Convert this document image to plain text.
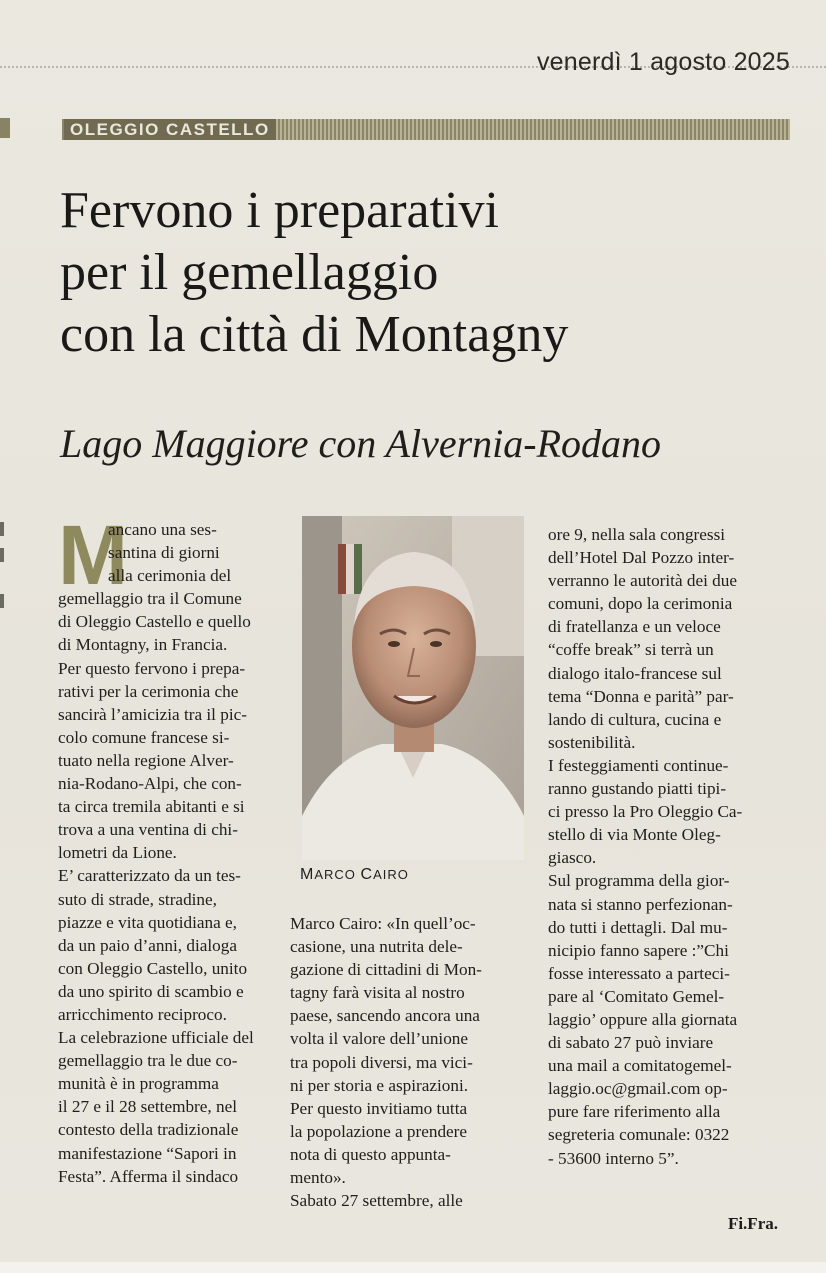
venerdì 1 agosto 2025
OLEGGIO CASTELLO
Fervono i preparativi
per il gemellaggio
con la città di Montagny
Lago Maggiore con Alvernia-Rodano
M
ancano una ses-
santina di giorni
alla cerimonia del
gemellaggio tra il Comune
di Oleggio Castello e quello
di Montagny, in Francia.
Per questo fervono i prepa-
rativi per la cerimonia che
sancirà l’amicizia tra il pic-
colo comune francese si-
tuato nella regione Alver-
nia-Rodano-Alpi, che con-
ta circa tremila abitanti e si
trova a una ventina di chi-
lometri da Lione.
E’ caratterizzato da un tes-
suto di strade, stradine,
piazze e vita quotidiana e,
da un paio d’anni, dialoga
con Oleggio Castello, unito
da uno spirito di scambio e
arricchimento reciproco.
La celebrazione ufficiale del
gemellaggio tra le due co-
munità è in programma
il 27 e il 28 settembre, nel
contesto della tradizionale
manifestazione “Sapori in
Festa”. Afferma il sindaco
MARCO CAIRO
Marco Cairo: «In quell’oc-
casione, una nutrita dele-
gazione di cittadini di Mon-
tagny farà visita al nostro
paese, sancendo ancora una
volta il valore dell’unione
tra popoli diversi, ma vici-
ni per storia e aspirazioni.
Per questo invitiamo tutta
la popolazione a prendere
nota di questo appunta-
mento».
Sabato 27 settembre, alle
ore 9, nella sala congressi
dell’Hotel Dal Pozzo inter-
verranno le autorità dei due
comuni, dopo la cerimonia
di fratellanza e un veloce
“coffe break” si terrà un
dialogo italo-francese sul
tema “Donna e parità” par-
lando di cultura, cucina e
sostenibilità.
I festeggiamenti continue-
ranno gustando piatti tipi-
ci presso la Pro Oleggio Ca-
stello di via Monte Oleg-
giasco.
Sul programma della gior-
nata si stanno perfezionan-
do tutti i dettagli. Dal mu-
nicipio fanno sapere :”Chi
fosse interessato a parteci-
pare al ‘Comitato Gemel-
laggio’ oppure alla giornata
di sabato 27 può inviare
una mail a comitatogemel-
laggio.oc@gmail.com op-
pure fare riferimento alla
segreteria comunale: 0322
- 53600 interno 5”.
Fi.Fra.
